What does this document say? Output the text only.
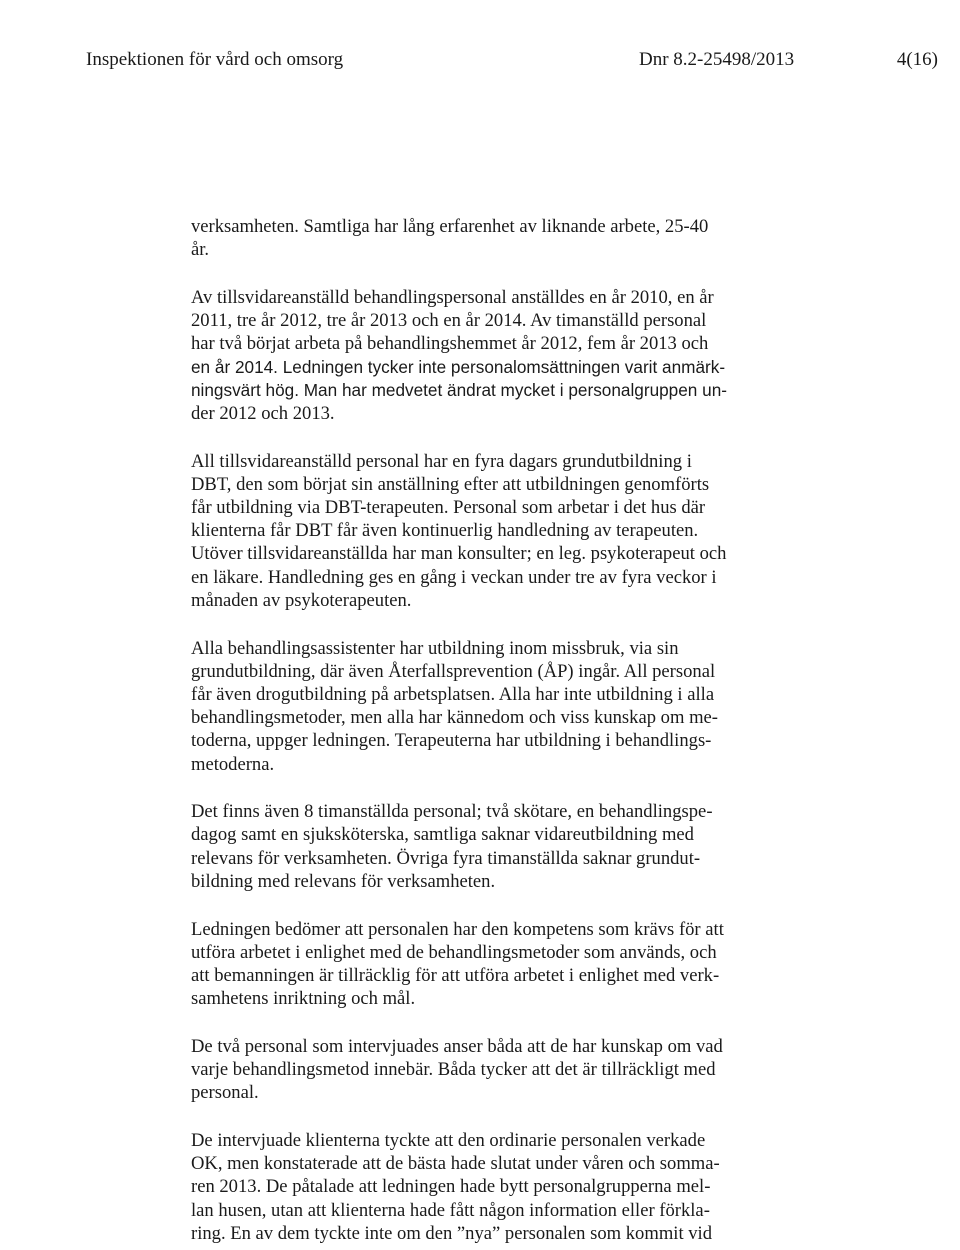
Inspektionen för vård och omsorg	Dnr 8.2-25498/2013	4(16)

verksamheten. Samtliga har lång erfarenhet av liknande arbete, 25-40
år.

Av tillsvidareanställd behandlingspersonal anställdes en år 2010, en år
2011, tre år 2012, tre år 2013 och en år 2014. Av timanställd personal
har två börjat arbeta på behandlingshemmet år 2012, fem år 2013 och
en år 2014. Ledningen tycker inte personalomsättningen varit anmärk-
ningsvärt hög. Man har medvetet ändrat mycket i personalgruppen un-
der 2012 och 2013.

All tillsvidareanställd personal har en fyra dagars grundutbildning i
DBT, den som börjat sin anställning efter att utbildningen genomförts
får utbildning via DBT-terapeuten. Personal som arbetar i det hus där
klienterna får DBT får även kontinuerlig handledning av terapeuten.
Utöver tillsvidareanställda har man konsulter; en leg. psykoterapeut och
en läkare. Handledning ges en gång i veckan under tre av fyra veckor i
månaden av psykoterapeuten.

Alla behandlingsassistenter har utbildning inom missbruk, via sin
grundutbildning, där även Återfallsprevention (ÅP) ingår. All personal
får även drogutbildning på arbetsplatsen. Alla har inte utbildning i alla
behandlingsmetoder, men alla har kännedom och viss kunskap om me-
toderna, uppger ledningen. Terapeuterna har utbildning i behandlings-
metoderna.

Det finns även 8 timanställda personal; två skötare, en behandlingspe-
dagog samt en sjuksköterska, samtliga saknar vidareutbildning med
relevans för verksamheten. Övriga fyra timanställda saknar grundut-
bildning med relevans för verksamheten.

Ledningen bedömer att personalen har den kompetens som krävs för att
utföra arbetet i enlighet med de behandlingsmetoder som används, och
att bemanningen är tillräcklig för att utföra arbetet i enlighet med verk-
samhetens inriktning och mål.

De två personal som intervjuades anser båda att de har kunskap om vad
varje behandlingsmetod innebär. Båda tycker att det är tillräckligt med
personal.

De intervjuade klienterna tyckte att den ordinarie personalen verkade
OK, men konstaterade att de bästa hade slutat under våren och somma-
ren 2013. De påtalade att ledningen hade bytt personalgrupperna mel-
lan husen, utan att klienterna hade fått någon information eller förkla-
ring. En av dem tyckte inte om den ”nya” personalen som kommit vid
